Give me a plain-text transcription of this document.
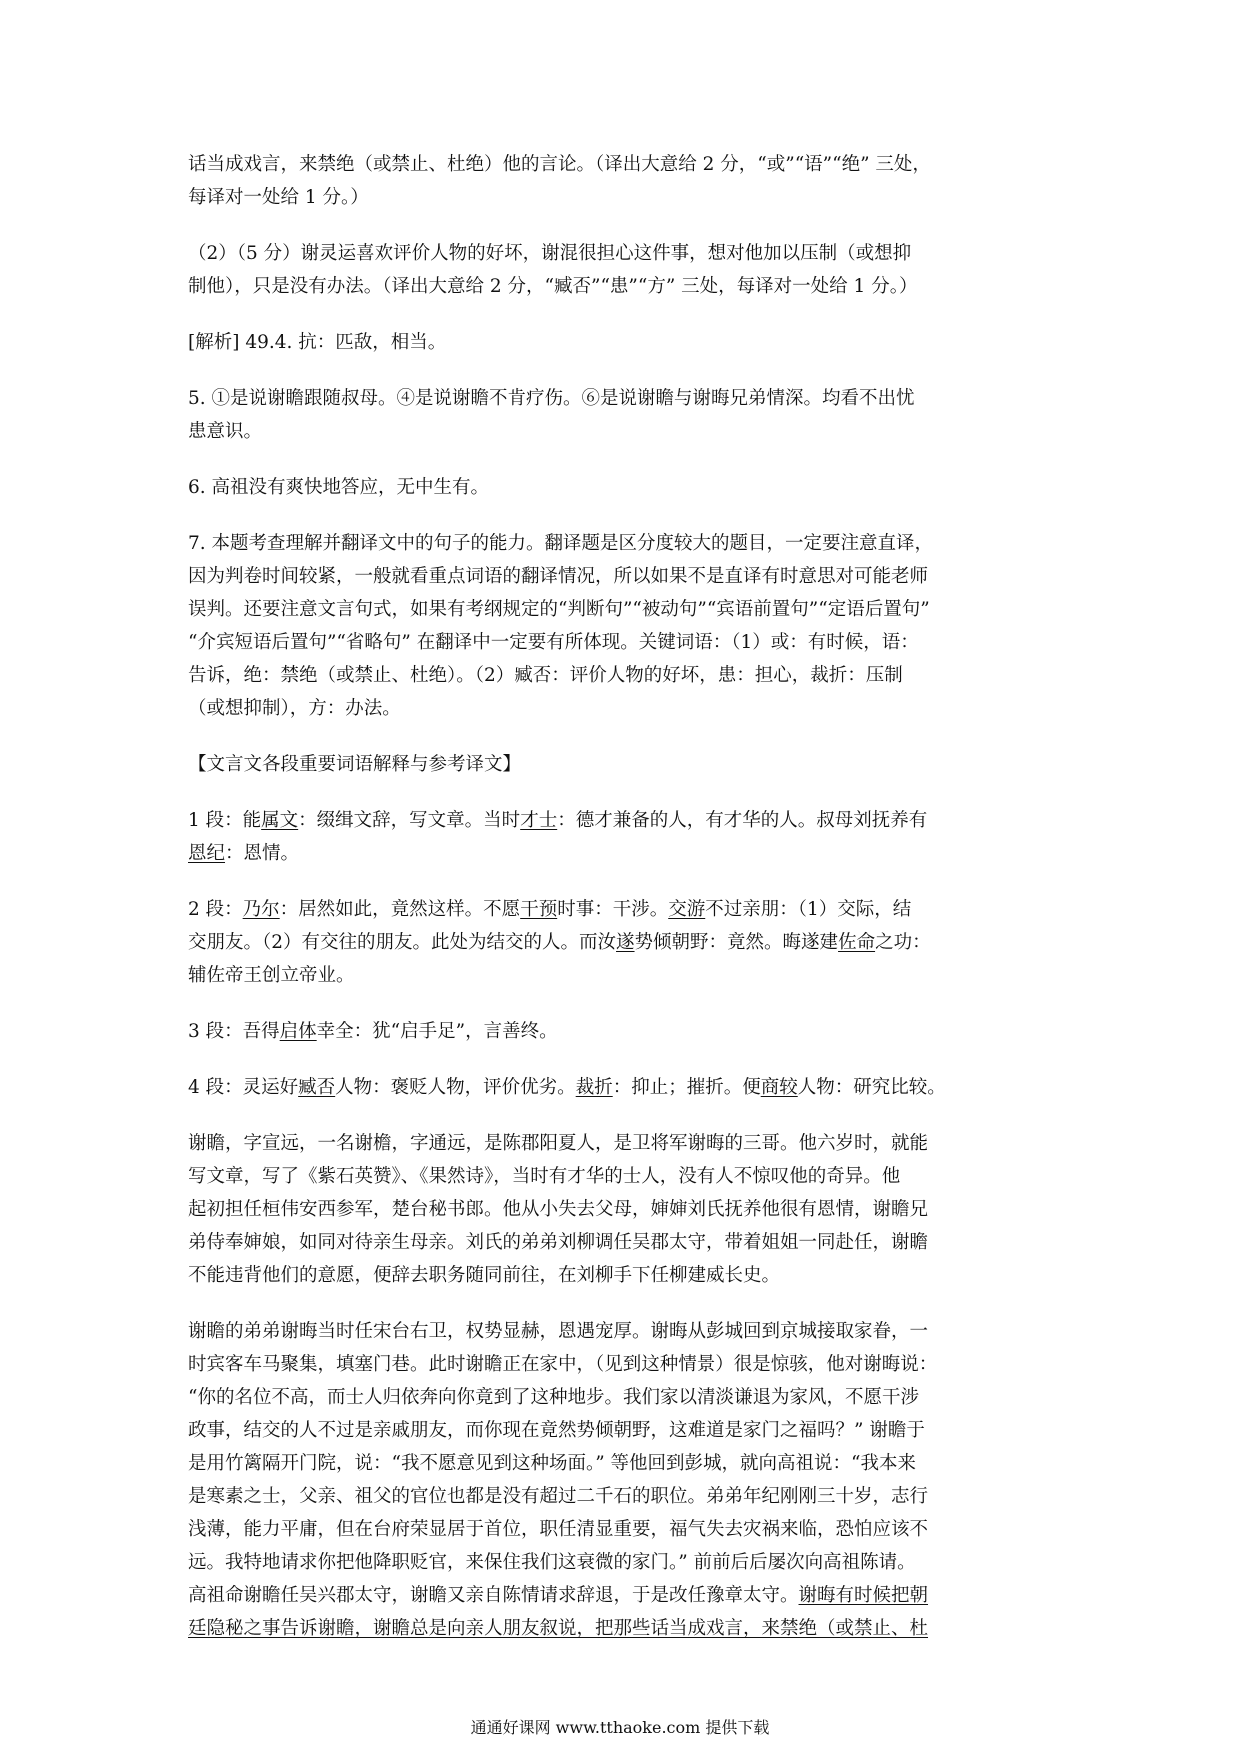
话当成戏言，来禁绝（或禁止、杜绝）他的言论。（译出大意给 2 分，“或”“语”“绝” 三处，
每译对一处给 1 分。）
（2）（5 分）谢灵运喜欢评价人物的好坏，谢混很担心这件事，想对他加以压制（或想抑
制他），只是没有办法。（译出大意给 2 分，“臧否”“患”“方” 三处，每译对一处给 1 分。）
[解析] 49.4. 抗：匹敌，相当。
5. ①是说谢瞻跟随叔母。④是说谢瞻不肯疗伤。⑥是说谢瞻与谢晦兄弟情深。均看不出忧
患意识。
6. 高祖没有爽快地答应，无中生有。
7. 本题考查理解并翻译文中的句子的能力。翻译题是区分度较大的题目，一定要注意直译，
因为判卷时间较紧，一般就看重点词语的翻译情况，所以如果不是直译有时意思对可能老师
误判。还要注意文言句式，如果有考纲规定的“判断句”“被动句”“宾语前置句”“定语后置句”
“介宾短语后置句”“省略句” 在翻译中一定要有所体现。关键词语：（1）或：有时候，语：
告诉，绝：禁绝（或禁止、杜绝）。（2）臧否：评价人物的好坏，患：担心，裁折：压制
（或想抑制），方：办法。
【文言文各段重要词语解释与参考译文】
1 段：能属文：缀缉文辞，写文章。当时才士：德才兼备的人，有才华的人。叔母刘抚养有
恩纪：恩情。
2 段：乃尔：居然如此，竟然这样。不愿干预时事：干涉。交游不过亲朋：（1）交际，结
交朋友。（2）有交往的朋友。此处为结交的人。而汝遂势倾朝野：竟然。晦遂建佐命之功：
辅佐帝王创立帝业。
3 段：吾得启体幸全：犹“启手足”，言善终。
4 段：灵运好臧否人物：褒贬人物，评价优劣。裁折：抑止；摧折。便商较人物：研究比较。
谢瞻，字宣远，一名谢檐，字通远，是陈郡阳夏人，是卫将军谢晦的三哥。他六岁时，就能
写文章，写了《紫石英赞》、《果然诗》，当时有才华的士人，没有人不惊叹他的奇异。他
起初担任桓伟安西参军，楚台秘书郎。他从小失去父母，婶婶刘氏抚养他很有恩情，谢瞻兄
弟侍奉婶娘，如同对待亲生母亲。刘氏的弟弟刘柳调任吴郡太守，带着姐姐一同赴任，谢瞻
不能违背他们的意愿，便辞去职务随同前往，在刘柳手下任柳建威长史。
谢瞻的弟弟谢晦当时任宋台右卫，权势显赫，恩遇宠厚。谢晦从彭城回到京城接取家眷，一
时宾客车马聚集，填塞门巷。此时谢瞻正在家中，（见到这种情景）很是惊骇，他对谢晦说：
“你的名位不高，而士人归依奔向你竟到了这种地步。我们家以清淡谦退为家风，不愿干涉
政事，结交的人不过是亲戚朋友，而你现在竟然势倾朝野，这难道是家门之福吗？” 谢瞻于
是用竹篱隔开门院，说：“我不愿意见到这种场面。” 等他回到彭城，就向高祖说：“我本来
是寒素之士，父亲、祖父的官位也都是没有超过二千石的职位。弟弟年纪刚刚三十岁，志行
浅薄，能力平庸，但在台府荣显居于首位，职任清显重要，福气失去灾祸来临，恐怕应该不
远。我特地请求你把他降职贬官，来保住我们这衰微的家门。” 前前后后屡次向高祖陈请。
高祖命谢瞻任吴兴郡太守，谢瞻又亲自陈情请求辞退，于是改任豫章太守。谢晦有时候把朝
廷隐秘之事告诉谢瞻，谢瞻总是向亲人朋友叙说，把那些话当成戏言，来禁绝（或禁止、杜
通通好课网 www.tthaoke.com 提供下载
